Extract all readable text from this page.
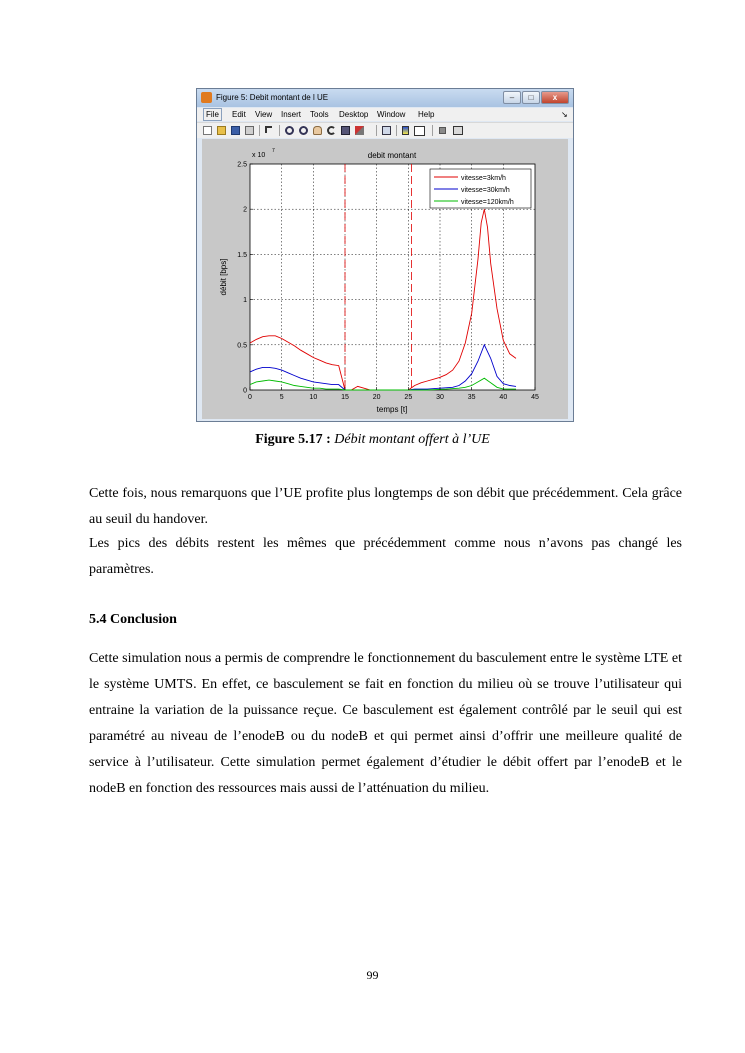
Figure 5: Debit montant de l UE	–	□	x
File	Edit View Insert Tools Desktop Window Help	↘
0	5	10	15	20	25	30	35	40	45
0
0.5
1
1.5
2
2.5
debit montant
temps [t]
débit [bps]
x 10
7
vitesse=3km/h
vitesse=30km/h
vitesse=120km/h
Figure 5.17 : Débit montant offert à l’UE

Cette fois, nous remarquons que l’UE profite plus longtemps de son débit que précédemment. Cela grâce au seuil du handover.

Les pics des débits restent les mêmes que précédemment comme nous n’avons pas changé les paramètres.

5.4 Conclusion

Cette simulation nous a permis de comprendre le fonctionnement du basculement entre le système LTE et le système UMTS. En effet, ce basculement se fait en fonction du milieu où se trouve l’utilisateur qui entraine la variation de la puissance reçue. Ce basculement est également contrôlé par le seuil qui est paramétré au niveau de l’enodeB ou du nodeB et qui permet ainsi d’offrir une meilleure qualité de service à l’utilisateur. Cette simulation permet également d’étudier le débit offert par l’enodeB et le nodeB en fonction des ressources mais aussi de l’atténuation du milieu.

99
